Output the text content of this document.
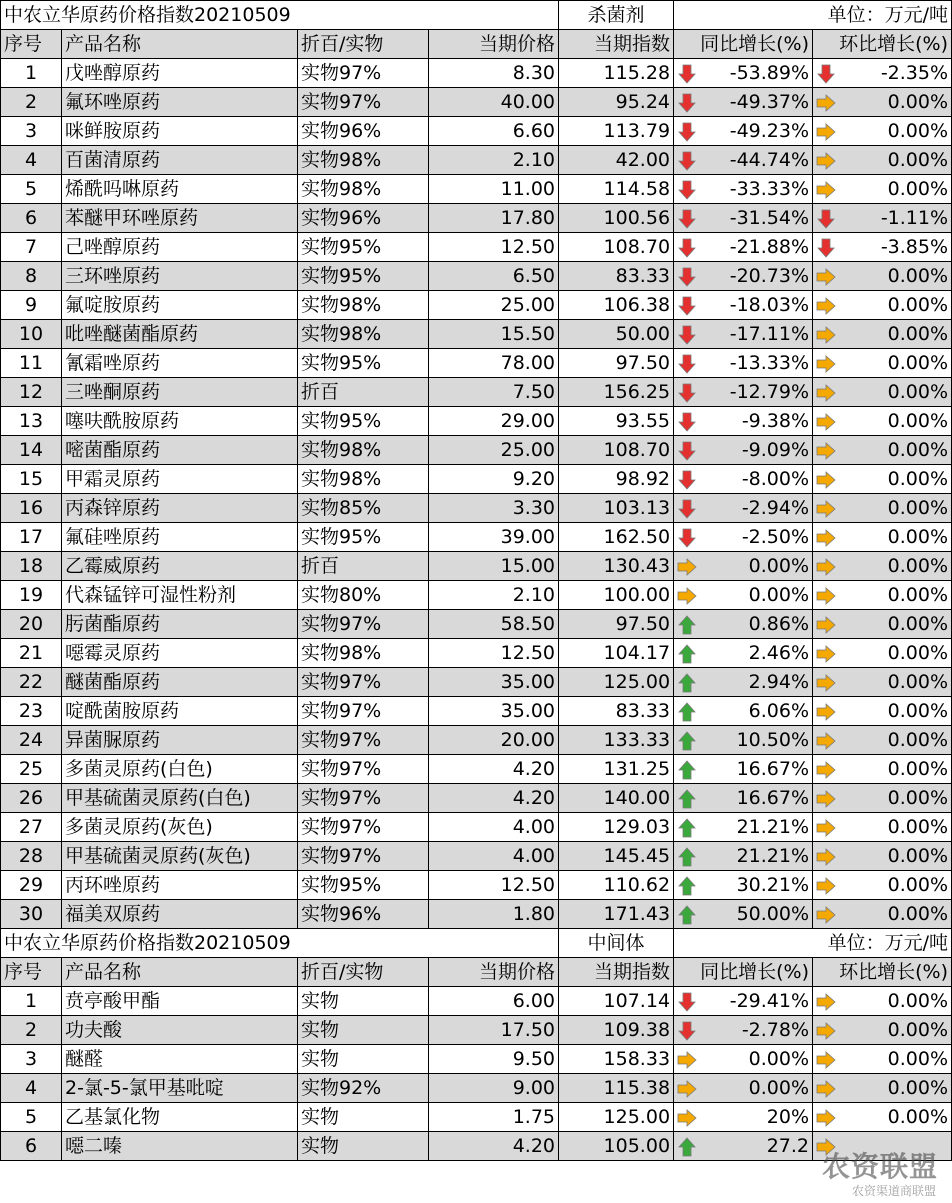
中农立华原药价格指数20210509				杀菌剂	单位：万元/吨	
序号	产品名称	折百/实物	当期价格	当期指数	同比增长(%)	环比增长(%)
1	戊唑醇原药	实物97%	8.30	115.28	-53.89%	-2.35%
2	氟环唑原药	实物97%	40.00	95.24	-49.37%	0.00%
3	咪鲜胺原药	实物96%	6.60	113.79	-49.23%	0.00%
4	百菌清原药	实物98%	2.10	42.00	-44.74%	0.00%
5	烯酰吗啉原药	实物98%	11.00	114.58	-33.33%	0.00%
6	苯醚甲环唑原药	实物96%	17.80	100.56	-31.54%	-1.11%
7	己唑醇原药	实物95%	12.50	108.70	-21.88%	-3.85%
8	三环唑原药	实物95%	6.50	83.33	-20.73%	0.00%
9	氟啶胺原药	实物98%	25.00	106.38	-18.03%	0.00%
10	吡唑醚菌酯原药	实物98%	15.50	50.00	-17.11%	0.00%
11	氰霜唑原药	实物95%	78.00	97.50	-13.33%	0.00%
12	三唑酮原药	折百	7.50	156.25	-12.79%	0.00%
13	噻呋酰胺原药	实物95%	29.00	93.55	-9.38%	0.00%
14	嘧菌酯原药	实物98%	25.00	108.70	-9.09%	0.00%
15	甲霜灵原药	实物98%	9.20	98.92	-8.00%	0.00%
16	丙森锌原药	实物85%	3.30	103.13	-2.94%	0.00%
17	氟硅唑原药	实物95%	39.00	162.50	-2.50%	0.00%
18	乙霉威原药	折百	15.00	130.43	0.00%	0.00%
19	代森锰锌可湿性粉剂	实物80%	2.10	100.00	0.00%	0.00%
20	肟菌酯原药	实物97%	58.50	97.50	0.86%	0.00%
21	噁霉灵原药	实物98%	12.50	104.17	2.46%	0.00%
22	醚菌酯原药	实物97%	35.00	125.00	2.94%	0.00%
23	啶酰菌胺原药	实物97%	35.00	83.33	6.06%	0.00%
24	异菌脲原药	实物97%	20.00	133.33	10.50%	0.00%
25	多菌灵原药(白色)	实物97%	4.20	131.25	16.67%	0.00%
26	甲基硫菌灵原药(白色)	实物97%	4.20	140.00	16.67%	0.00%
27	多菌灵原药(灰色)	实物97%	4.00	129.03	21.21%	0.00%
28	甲基硫菌灵原药(灰色)	实物97%	4.00	145.45	21.21%	0.00%
29	丙环唑原药	实物95%	12.50	110.62	30.21%	0.00%
30	福美双原药	实物96%	1.80	171.43	50.00%	0.00%
中农立华原药价格指数20210509				中间体	单位：万元/吨	
序号	产品名称	折百/实物	当期价格	当期指数	同比增长(%)	环比增长(%)
1	贲亭酸甲酯	实物	6.00	107.14	-29.41%	0.00%
2	功夫酸	实物	17.50	109.38	-2.78%	0.00%
3	醚醛	实物	9.50	158.33	0.00%	0.00%
4	2-氯-5-氯甲基吡啶	实物92%	9.00	115.38	0.00%	0.00%
5	乙基氯化物	实物	1.75	125.00	20%	0.00%
6	噁二嗪	实物	4.20	105.00	27.2	
农资联盟
农资渠道商联盟
